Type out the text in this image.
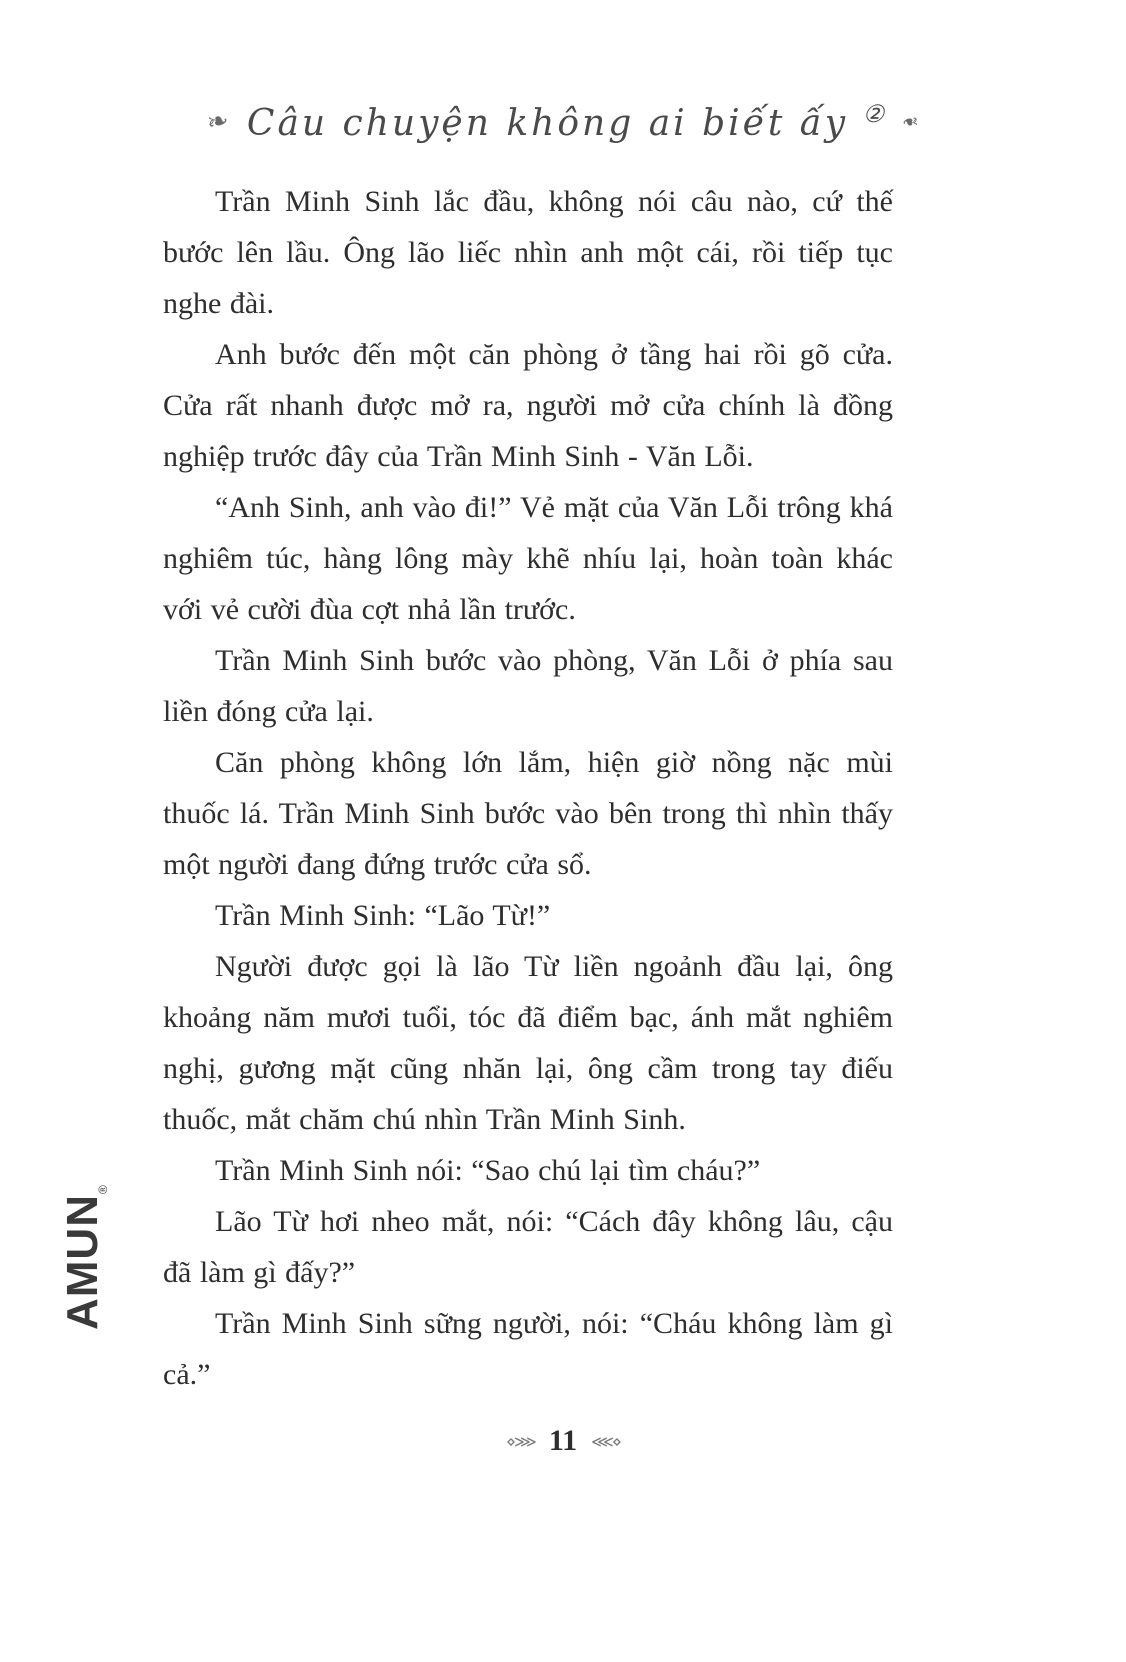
❧ Câu chuyện không ai biết ấy ② ❧

Trần Minh Sinh lắc đầu, không nói câu nào, cứ thế bước lên lầu. Ông lão liếc nhìn anh một cái, rồi tiếp tục nghe đài.

Anh bước đến một căn phòng ở tầng hai rồi gõ cửa. Cửa rất nhanh được mở ra, người mở cửa chính là đồng nghiệp trước đây của Trần Minh Sinh - Văn Lỗi.

“Anh Sinh, anh vào đi!” Vẻ mặt của Văn Lỗi trông khá nghiêm túc, hàng lông mày khẽ nhíu lại, hoàn toàn khác với vẻ cười đùa cợt nhả lần trước.

Trần Minh Sinh bước vào phòng, Văn Lỗi ở phía sau liền đóng cửa lại.

Căn phòng không lớn lắm, hiện giờ nồng nặc mùi thuốc lá. Trần Minh Sinh bước vào bên trong thì nhìn thấy một người đang đứng trước cửa sổ.

Trần Minh Sinh: “Lão Từ!”

Người được gọi là lão Từ liền ngoảnh đầu lại, ông khoảng năm mươi tuổi, tóc đã điểm bạc, ánh mắt nghiêm nghị, gương mặt cũng nhăn lại, ông cầm trong tay điếu thuốc, mắt chăm chú nhìn Trần Minh Sinh.

Trần Minh Sinh nói: “Sao chú lại tìm cháu?”

Lão Từ hơi nheo mắt, nói: “Cách đây không lâu, cậu đã làm gì đấy?”

Trần Minh Sinh sững người, nói: “Cháu không làm gì cả.”

⋄⋙ 11 ⋘⋄
$AMUN_®$
